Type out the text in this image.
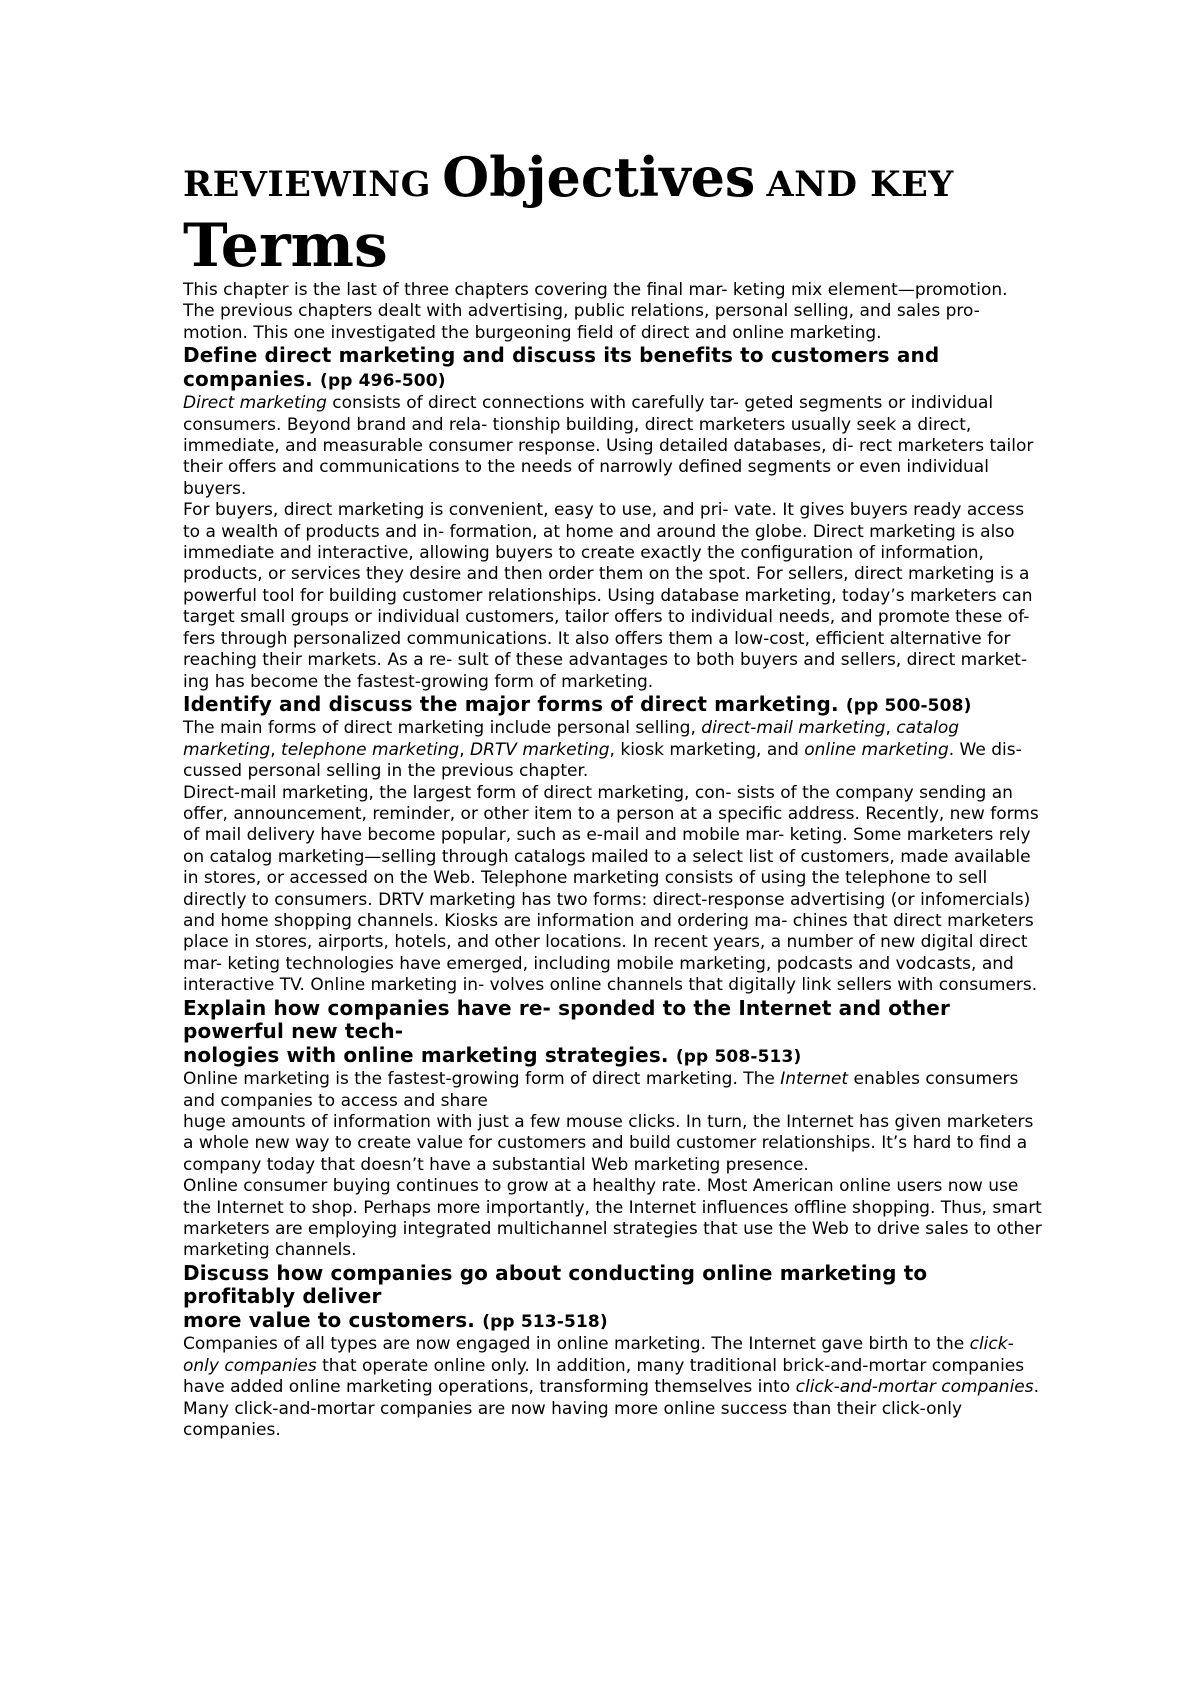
REVIEWING Objectives AND KEY
Terms

This chapter is the last of three chapters covering the final mar- keting mix element—promotion. The previous chapters dealt with advertising, public relations, personal selling, and sales pro- motion. This one investigated the burgeoning field of direct and online marketing.

Define direct marketing and discuss its benefits to customers and companies. (pp 496-500)

Direct marketing consists of direct connections with carefully tar- geted segments or individual consumers. Beyond brand and rela- tionship building, direct marketers usually seek a direct, immediate, and measurable consumer response. Using detailed databases, di- rect marketers tailor their offers and communications to the needs of narrowly defined segments or even individual buyers.

For buyers, direct marketing is convenient, easy to use, and pri- vate. It gives buyers ready access to a wealth of products and in- formation, at home and around the globe. Direct marketing is also immediate and interactive, allowing buyers to create exactly the configuration of information, products, or services they desire and then order them on the spot. For sellers, direct marketing is a powerful tool for building customer relationships. Using database marketing, today’s marketers can target small groups or individual customers, tailor offers to individual needs, and promote these of- fers through personalized communications. It also offers them a low-cost, efficient alternative for reaching their markets. As a re- sult of these advantages to both buyers and sellers, direct market- ing has become the fastest-growing form of marketing.

Identify and discuss the major forms of direct marketing. (pp 500-508)

The main forms of direct marketing include personal selling, direct-mail marketing, catalog marketing, telephone marketing, DRTV marketing, kiosk marketing, and online marketing. We dis- cussed personal selling in the previous chapter.

Direct-mail marketing, the largest form of direct marketing, con- sists of the company sending an offer, announcement, reminder, or other item to a person at a specific address. Recently, new forms of mail delivery have become popular, such as e-mail and mobile mar- keting. Some marketers rely on catalog marketing—selling through catalogs mailed to a select list of customers, made available in stores, or accessed on the Web. Telephone marketing consists of using the telephone to sell directly to consumers. DRTV marketing has two forms: direct-response advertising (or infomercials) and home shopping channels. Kiosks are information and ordering ma- chines that direct marketers place in stores, airports, hotels, and other locations. In recent years, a number of new digital direct mar- keting technologies have emerged, including mobile marketing, podcasts and vodcasts, and interactive TV. Online marketing in- volves online channels that digitally link sellers with consumers.

Explain how companies have re- sponded to the Internet and other powerful new tech-
nologies with online marketing strategies. (pp 508-513)

Online marketing is the fastest-growing form of direct marketing. The Internet enables consumers and companies to access and share
huge amounts of information with just a few mouse clicks. In turn, the Internet has given marketers a whole new way to create value for customers and build customer relationships. It’s hard to find a company today that doesn’t have a substantial Web marketing presence.

Online consumer buying continues to grow at a healthy rate. Most American online users now use the Internet to shop. Perhaps more importantly, the Internet influences offline shopping. Thus, smart marketers are employing integrated multichannel strategies that use the Web to drive sales to other marketing channels.

Discuss how companies go about conducting online marketing to profitably deliver
more value to customers. (pp 513-518)

Companies of all types are now engaged in online marketing. The Internet gave birth to the click-only companies that operate online only. In addition, many traditional brick-and-mortar companies have added online marketing operations, transforming themselves into click-and-mortar companies. Many click-and-mortar companies are now having more online success than their click-only companies.
